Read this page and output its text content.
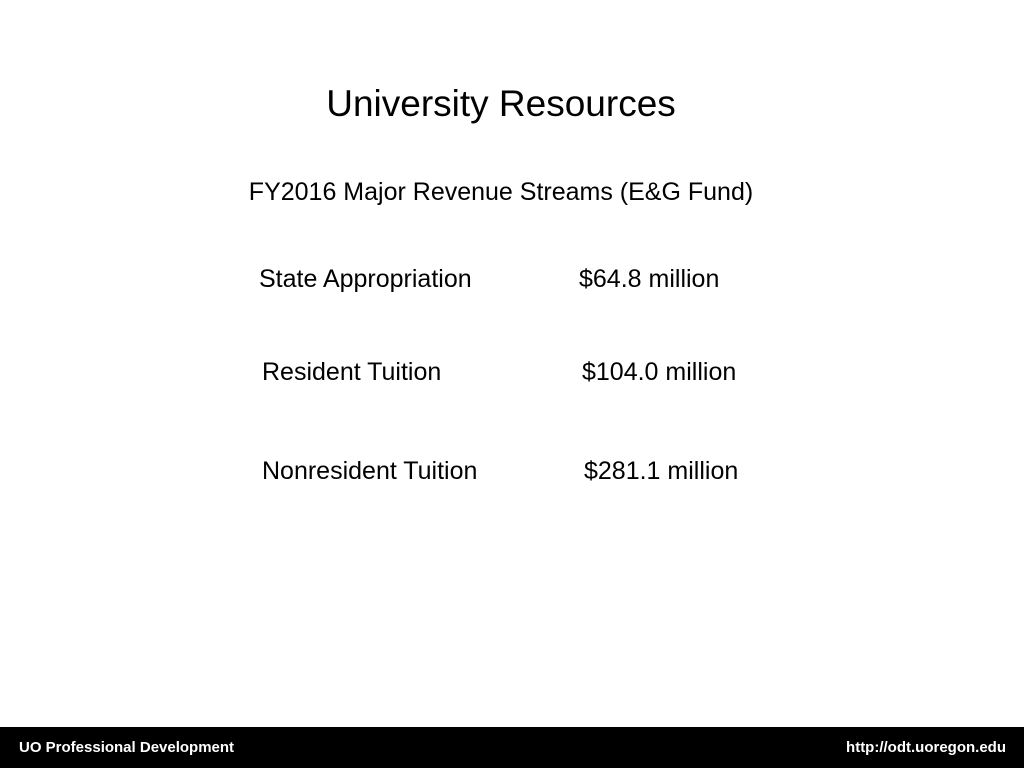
University Resources
FY2016 Major Revenue Streams (E&G Fund)
State Appropriation	$64.8 million
Resident Tuition	$104.0 million
Nonresident Tuition	$281.1 million
UO Professional Development	http://odt.uoregon.edu
